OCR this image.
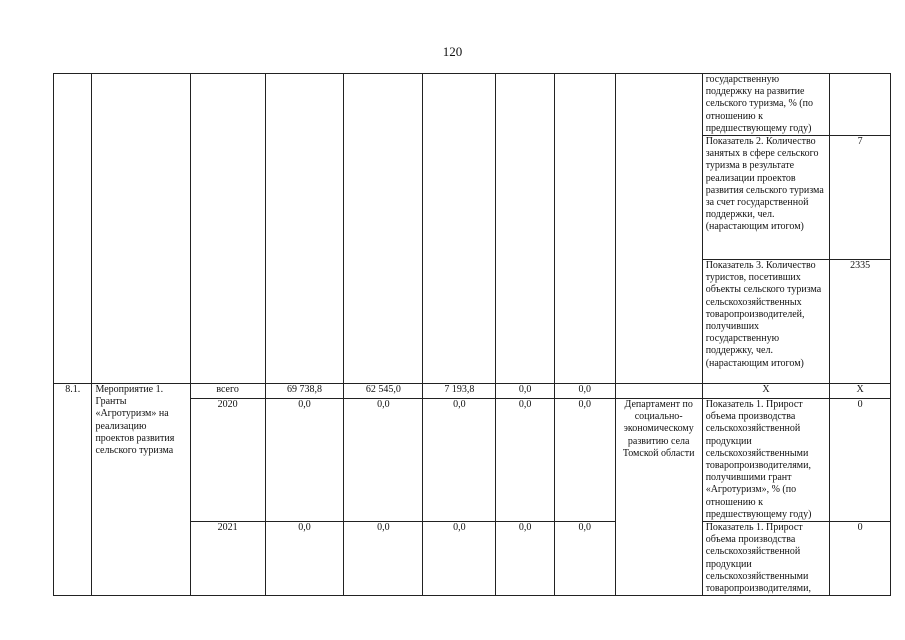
120
									государственную поддержку на развитие сельского туризма, % (по отношению к предшествующему году)	
									Показатель 2. Количество занятых в сфере сельского туризма в результате реализации проектов развития сельского туризма за счет государственной поддержки, чел. (нарастающим итогом)	7
									Показатель 3. Количество туристов, посетивших объекты сельского туризма сельскохозяйственных товаропроизводителей, получивших государственную поддержку, чел. (нарастающим итогом)	2335
8.1.	Мероприятие 1. Гранты «Агротуризм» на реализацию проектов развития сельского туризма	всего	69 738,8	62 545,0	7 193,8	0,0	0,0		Х	Х
		2020	0,0	0,0	0,0	0,0	0,0	Департамент по социально-экономическому развитию села Томской области	Показатель 1. Прирост объема производства сельскохозяйственной продукции сельскохозяйственными товаропроизводителями, получившими грант «Агротуризм», % (по отношению к предшествующему году)	0
		2021	0,0	0,0	0,0	0,0	0,0		Показатель 1. Прирост объема производства сельскохозяйственной продукции сельскохозяйственными товаропроизводителями,	0
